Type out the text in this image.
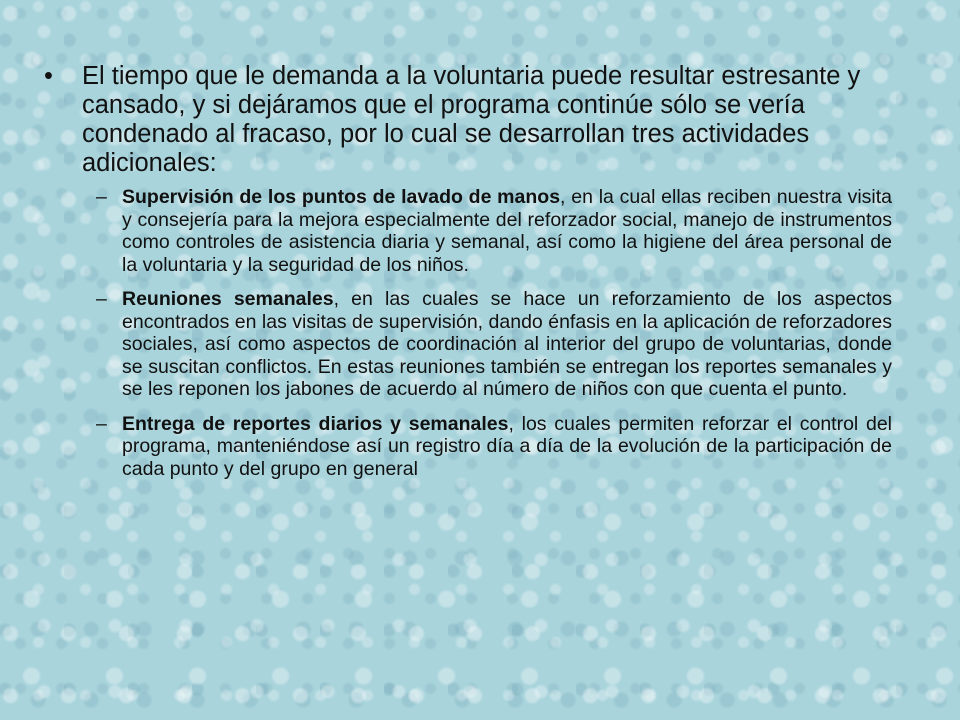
•	El tiempo que le demanda a la voluntaria puede resultar estresante y cansado, y si dejáramos que el programa continúe sólo se vería condenado al fracaso, por lo cual se desarrollan tres actividades adicionales:
– Supervisión de los puntos de lavado de manos, en la cual ellas reciben nuestra visita y consejería para la mejora especialmente del reforzador social, manejo de instrumentos como controles de asistencia diaria y semanal, así como la higiene del área personal de la voluntaria y la seguridad de los niños.
– Reuniones semanales, en las cuales se hace un reforzamiento de los aspectos encontrados en las visitas de supervisión, dando énfasis en la aplicación de reforzadores sociales, así como aspectos de coordinación al interior del grupo de voluntarias, donde se suscitan conflictos. En estas reuniones también se entregan los reportes semanales y se les reponen los jabones de acuerdo al número de niños con que cuenta el punto.
– Entrega de reportes diarios y semanales, los cuales permiten reforzar el control del programa, manteniéndose así un registro día a día de la evolución de la participación de cada punto y del grupo en general
